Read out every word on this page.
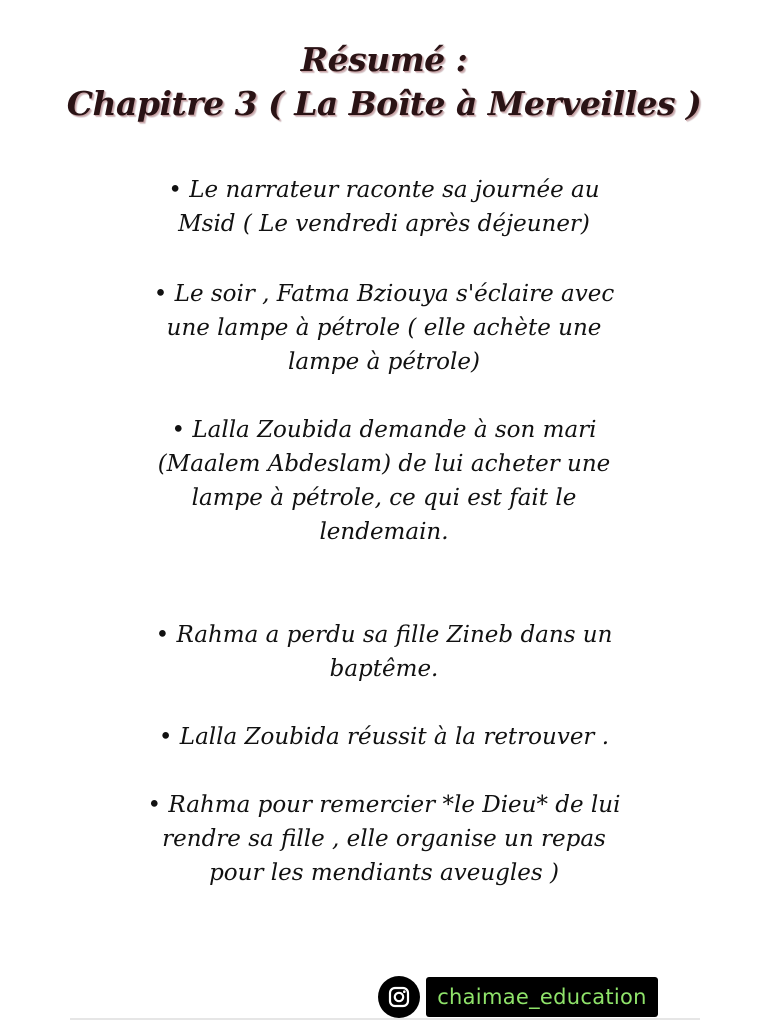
Résumé :
Chapitre 3 ( La Boîte à Merveilles )
• Le narrateur raconte sa journée au
Msid ( Le vendredi après déjeuner)
• Le soir , Fatma Bziouya s'éclaire avec
une lampe à pétrole ( elle achète une
lampe à pétrole)
• Lalla Zoubida demande à son mari
(Maalem Abdeslam) de lui acheter une
lampe à pétrole, ce qui est fait le
lendemain.
• Rahma a perdu sa fille Zineb dans un
baptême.
• Lalla Zoubida réussit à la retrouver .
• Rahma pour remercier *le Dieu* de lui
rendre sa fille , elle organise un repas
pour les mendiants aveugles )
chaimae_education
